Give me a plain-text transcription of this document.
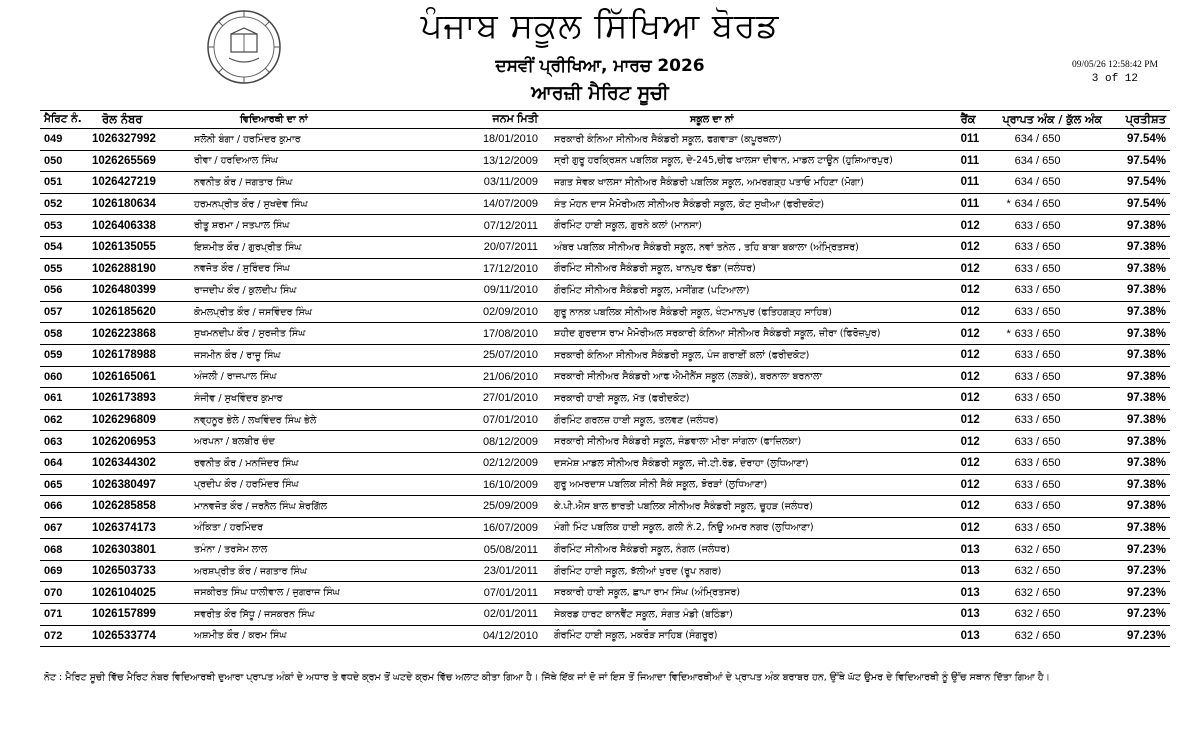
ਪੰਜਾਬ ਸਕੂਲ ਸਿੱਖਿਆ ਬੋਰਡ
ਦਸਵੀਂ ਪ੍ਰੀਖਿਆ, ਮਾਰਚ 2026
ਆਰਜ਼ੀ ਮੈਰਿਟ ਸੂਚੀ
09/05/26 12:58:42 PM
3 of 12
ਮੈਰਿਟ ਨੰ.	ਰੋਲ ਨੰਬਰ	ਵਿਦਿਆਰਥੀ ਦਾ ਨਾਂ	ਜਨਮ ਮਿਤੀ	ਸਕੂਲ ਦਾ ਨਾਂ	ਰੈਂਕ	ਪ੍ਰਾਪਤ ਅੰਕ / ਕੁੱਲ ਅੰਕ	ਪ੍ਰਤੀਸ਼ਤ
049	1026327992	ਸਲੋਨੀ ਬੰਗਾ / ਹਰਮਿੰਦਰ ਕੁਮਾਰ	18/01/2010	ਸਰਕਾਰੀ ਕੰਨਿਆ ਸੀਨੀਅਰ ਸੈਕੰਡਰੀ ਸਕੂਲ, ਫਗਵਾੜਾ (ਕਪੂਰਥਲਾ)	011	634 / 650	97.54%
050	1026265569	ਰੀਵਾ / ਹਰਦਿਆਲ ਸਿੰਘ	13/12/2009	ਸ੍ਰੀ ਗੁਰੂ ਹਰਕ੍ਰਿਸ਼ਨ ਪਬਲਿਕ ਸਕੂਲ, ਦੇ-245,ਚੀਫ ਖਾਲਸਾ ਦੀਵਾਨ, ਮਾਡਲ ਟਾਊਨ (ਹੁਸ਼ਿਆਰਪੁਰ)	011	634 / 650	97.54%
051	1026427219	ਨਵਨੀਤ ਕੌਰ / ਜਗਤਾਰ ਸਿੰਘ	03/11/2009	ਜਗਤ ਸੇਵਕ ਖਾਲਸਾ ਸੀਨੀਅਰ ਸੈਕੰਡਰੀ ਪਬਲਿਕ ਸਕੂਲ, ਅਮਰਗੜ੍ਹ ਪਤਾਓ ਮਹਿਣਾ (ਮੋਗਾ)	011	634 / 650	97.54%
052	1026180634	ਹਰਮਨਪ੍ਰੀਤ ਕੌਰ / ਸੁਖਦੇਵ ਸਿੰਘ	14/07/2009	ਸੰਤ ਮੋਹਨ ਦਾਸ ਮੈਮੋਰੀਅਲ ਸੀਨੀਅਰ ਸੈਕੰਡਰੀ ਸਕੂਲ, ਕੋਟ ਸੁਖੀਆ (ਫਰੀਦਕੋਟ)	011	* 634 / 650	97.54%
053	1026406338	ਰੀਤੂ ਸ਼ਰਮਾ / ਸਤਪਾਲ ਸਿੰਘ	07/12/2011	ਗੌਰਮਿੰਟ ਹਾਈ ਸਕੂਲ, ਗੁਰਨੇ ਕਲਾਂ (ਮਾਨਸਾ)	012	633 / 650	97.38%
054	1026135055	ਇਸ਼ਮੀਤ ਕੌਰ / ਗੁਰਪ੍ਰੀਤ ਸਿੰਘ	20/07/2011	ਅੰਬਰ ਪਬਲਿਕ ਸੀਨੀਅਰ ਸੈਕੰਡਰੀ ਸਕੂਲ, ਨਵਾਂ ਤਨੇਲ , ਤਹਿ ਬਾਬਾ ਬਕਾਲਾ (ਅੰਮ੍ਰਿਤਸਰ)	012	633 / 650	97.38%
055	1026288190	ਨਵਜੋਤ ਕੌਰ / ਸੁਰਿੰਦਰ ਸਿੰਘ	17/12/2010	ਗੌਰਮਿੰਟ ਸੀਨੀਅਰ ਸੈਕੰਡਰੀ ਸਕੂਲ, ਖਾਨਪੁਰ ਢੱਡਾ (ਜਲੰਧਰ)	012	633 / 650	97.38%
056	1026480399	ਰਾਜਦੀਪ ਕੌਰ / ਕੁਲਦੀਪ ਸਿੰਘ	09/11/2010	ਗੌਰਮਿੰਟ ਸੀਨੀਅਰ ਸੈਕੰਡਰੀ ਸਕੂਲ, ਮਸੀਂਗਣ (ਪਟਿਆਲਾ)	012	633 / 650	97.38%
057	1026185620	ਕੋਮਲਪ੍ਰੀਤ ਕੌਰ / ਜਸਵਿੰਦਰ ਸਿੰਘ	02/09/2010	ਗੁਰੂ ਨਾਨਕ ਪਬਲਿਕ ਸੀਨੀਅਰ ਸੈਕੰਡਰੀ ਸਕੂਲ, ਖੰਟਮਾਨਪੁਰ (ਫਤਿਹਗੜ੍ਹ ਸਾਹਿਬ)	012	633 / 650	97.38%
058	1026223868	ਸੁਖਮਨਦੀਪ ਕੌਰ / ਸੁਰਜੀਤ ਸਿੰਘ	17/08/2010	ਸ਼ਹੀਦ ਗੁਰਦਾਸ ਰਾਮ ਮੈਮੋਰੀਅਲ ਸਰਕਾਰੀ ਕੰਨਿਆ ਸੀਨੀਅਰ ਸੈਕੰਡਰੀ ਸਕੂਲ, ਜ਼ੀਰਾ (ਫਿਰੋਜ਼ਪੁਰ)	012	* 633 / 650	97.38%
059	1026178988	ਜਸਮੀਨ ਕੌਰ / ਰਾਜੂ ਸਿੰਘ	25/07/2010	ਸਰਕਾਰੀ ਕੰਨਿਆ ਸੀਨੀਅਰ ਸੈਕੰਡਰੀ ਸਕੂਲ, ਪੰਜ ਗਰਾਈਂ ਕਲਾਂ (ਫਰੀਦਕੋਟ)	012	633 / 650	97.38%
060	1026165061	ਅੰਜਲੀ / ਰਾਜਪਾਲ ਸਿੰਘ	21/06/2010	ਸਰਕਾਰੀ ਸੀਨੀਅਰ ਸੈਕੰਡਰੀ ਆਫ ਐਮੀਨੈਂਸ ਸਕੂਲ (ਲੜਕੇ), ਬਰਨਾਲਾ ਬਰਨਾਲਾ	012	633 / 650	97.38%
061	1026173893	ਸੰਜੀਵ / ਸੁਖਵਿੰਦਰ ਕੁਮਾਰ	27/01/2010	ਸਰਕਾਰੀ ਹਾਈ ਸਕੂਲ, ਮੱਤ (ਫਰੀਦਕੋਟ)	012	633 / 650	97.38%
062	1026296809	ਨਵ੍ਹਨੂਰ ਭੇਲੇ / ਲਖਵਿੰਦਰ ਸਿੰਘ ਭੇਲੇ	07/01/2010	ਗੌਰਮਿੰਟ ਗਰਲਜ਼ ਹਾਈ ਸਕੂਲ, ਤਲਵਣ (ਜਲੰਧਰ)	012	633 / 650	97.38%
063	1026206953	ਅਰਪਨਾ / ਬਲਬੀਰ ਚੰਦ	08/12/2009	ਸਰਕਾਰੀ ਸੀਨੀਅਰ ਸੈਕੰਡਰੀ ਸਕੂਲ, ਜੰਡਵਾਲਾ ਮੀਰਾ ਸਾਂਗਲਾ (ਫਾਜ਼ਿਲਕਾ)	012	633 / 650	97.38%
064	1026344302	ਰਵਨੀਤ ਕੌਰ / ਮਨਜਿੰਦਰ ਸਿੰਘ	02/12/2009	ਦਸਮੇਸ਼ ਮਾਡਲ ਸੀਨੀਅਰ ਸੈਕੰਡਰੀ ਸਕੂਲ, ਜੀ.ਟੀ.ਰੋਡ, ਦੋਰਾਹਾ (ਲੁਧਿਆਣਾ)	012	633 / 650	97.38%
065	1026380497	ਪ੍ਰਦੀਪ ਕੌਰ / ਹਰਮਿੰਦਰ ਸਿੰਘ	16/10/2009	ਗੁਰੂ ਅਮਰਦਾਸ ਪਬਲਿਕ ਸੀਨੀ ਸੈਕੰ ਸਕੂਲ, ਝੋਰੜਾਂ (ਲੁਧਿਆਣਾ)	012	633 / 650	97.38%
066	1026285858	ਮਾਨਵਜੋਤ ਕੌਰ / ਜਰਨੈਲ ਸਿੰਘ ਸ਼ੇਰਗਿੱਲ	25/09/2009	ਕੇ.ਪੀ.ਐਸ ਬਾਲ ਭਾਰਤੀ ਪਬਲਿਕ ਸੀਨੀਅਰ ਸੈਕੰਡਰੀ ਸਕੂਲ, ਚੂਹੜ (ਜਲੰਧਰ)	012	633 / 650	97.38%
067	1026374173	ਅੰਕਿਤਾ / ਹਰਮਿੰਦਰ	16/07/2009	ਮੰਗੀ ਮਿੰਟ ਪਬਲਿਕ ਹਾਈ ਸਕੂਲ, ਗਲੀ ਨੰ.2, ਨਿਊ ਅਮਰ ਨਗਰ (ਲੁਧਿਆਣਾ)	012	633 / 650	97.38%
068	1026303801	ਤਮੰਨਾ / ਤਰਸੇਮ ਲਾਲ	05/08/2011	ਗੌਰਮਿੰਟ ਸੀਨੀਅਰ ਸੈਕੰਡਰੀ ਸਕੂਲ, ਨੰਗਲ (ਜਲੰਧਰ)	013	632 / 650	97.23%
069	1026503733	ਅਰਸ਼ਪ੍ਰੀਤ ਕੌਰ / ਜਗਤਾਰ ਸਿੰਘ	23/01/2011	ਗੌਰਮਿੰਟ ਹਾਈ ਸਕੂਲ, ਝੱਲੀਆਂ ਖੁਰਦ (ਰੂਪ ਨਗਰ)	013	632 / 650	97.23%
070	1026104025	ਜਸਕੀਰਤ ਸਿੰਘ ਧਾਲੀਵਾਲ / ਜੁਗਰਾਜ ਸਿੰਘ	07/01/2011	ਸਰਕਾਰੀ ਹਾਈ ਸਕੂਲ, ਛਾਪਾ ਰਾਮ ਸਿੰਘ (ਅੰਮ੍ਰਿਤਸਰ)	013	632 / 650	97.23%
071	1026157899	ਸਵਰੀਤ ਕੌਰ ਸਿੱਧੂ / ਜਸਕਰਨ ਸਿੰਘ	02/01/2011	ਸੇਕਰਡ ਹਾਰਟ ਕਾਨਵੈਂਟ ਸਕੂਲ, ਸੰਗਤ ਮੰਡੀ (ਬਠਿੰਡਾ)	013	632 / 650	97.23%
072	1026533774	ਅਸ਼ਮੀਤ ਕੌਰ / ਕਰਮ ਸਿੰਘ	04/12/2010	ਗੌਰਮਿੰਟ ਹਾਈ ਸਕੂਲ, ਮਕਰੌੜ ਸਾਹਿਬ (ਸੰਗਰੂਰ)	013	632 / 650	97.23%
ਨੋਟ : ਮੈਰਿਟ ਸੂਚੀ ਵਿੱਚ ਮੈਰਿਟ ਨੰਬਰ ਵਿਦਿਆਰਥੀ ਦੁਆਰਾ ਪ੍ਰਾਪਤ ਅੰਕਾਂ ਦੇ ਅਧਾਰ ਤੇ ਵਧਦੇ ਕ੍ਰਮ ਤੋਂ ਘਟਦੇ ਕ੍ਰਮ ਵਿੱਚ ਅਲਾਟ ਕੀਤਾ ਗਿਆ ਹੈ। ਜਿੱਥੇ ਇੱਕ ਜਾਂ ਦੋ ਜਾਂ ਇਸ ਤੋਂ ਜਿਆਦਾ ਵਿਦਿਆਰਥੀਆਂ ਦੇ ਪ੍ਰਾਪਤ ਅੰਕ ਬਰਾਬਰ ਹਨ, ਉੱਥੇ ਘੱਟ ਉਮਰ ਦੇ ਵਿਦਿਆਰਥੀ ਨੂੰ ਉੱਚ ਸਥਾਨ ਦਿੱਤਾ ਗਿਆ ਹੈ।
